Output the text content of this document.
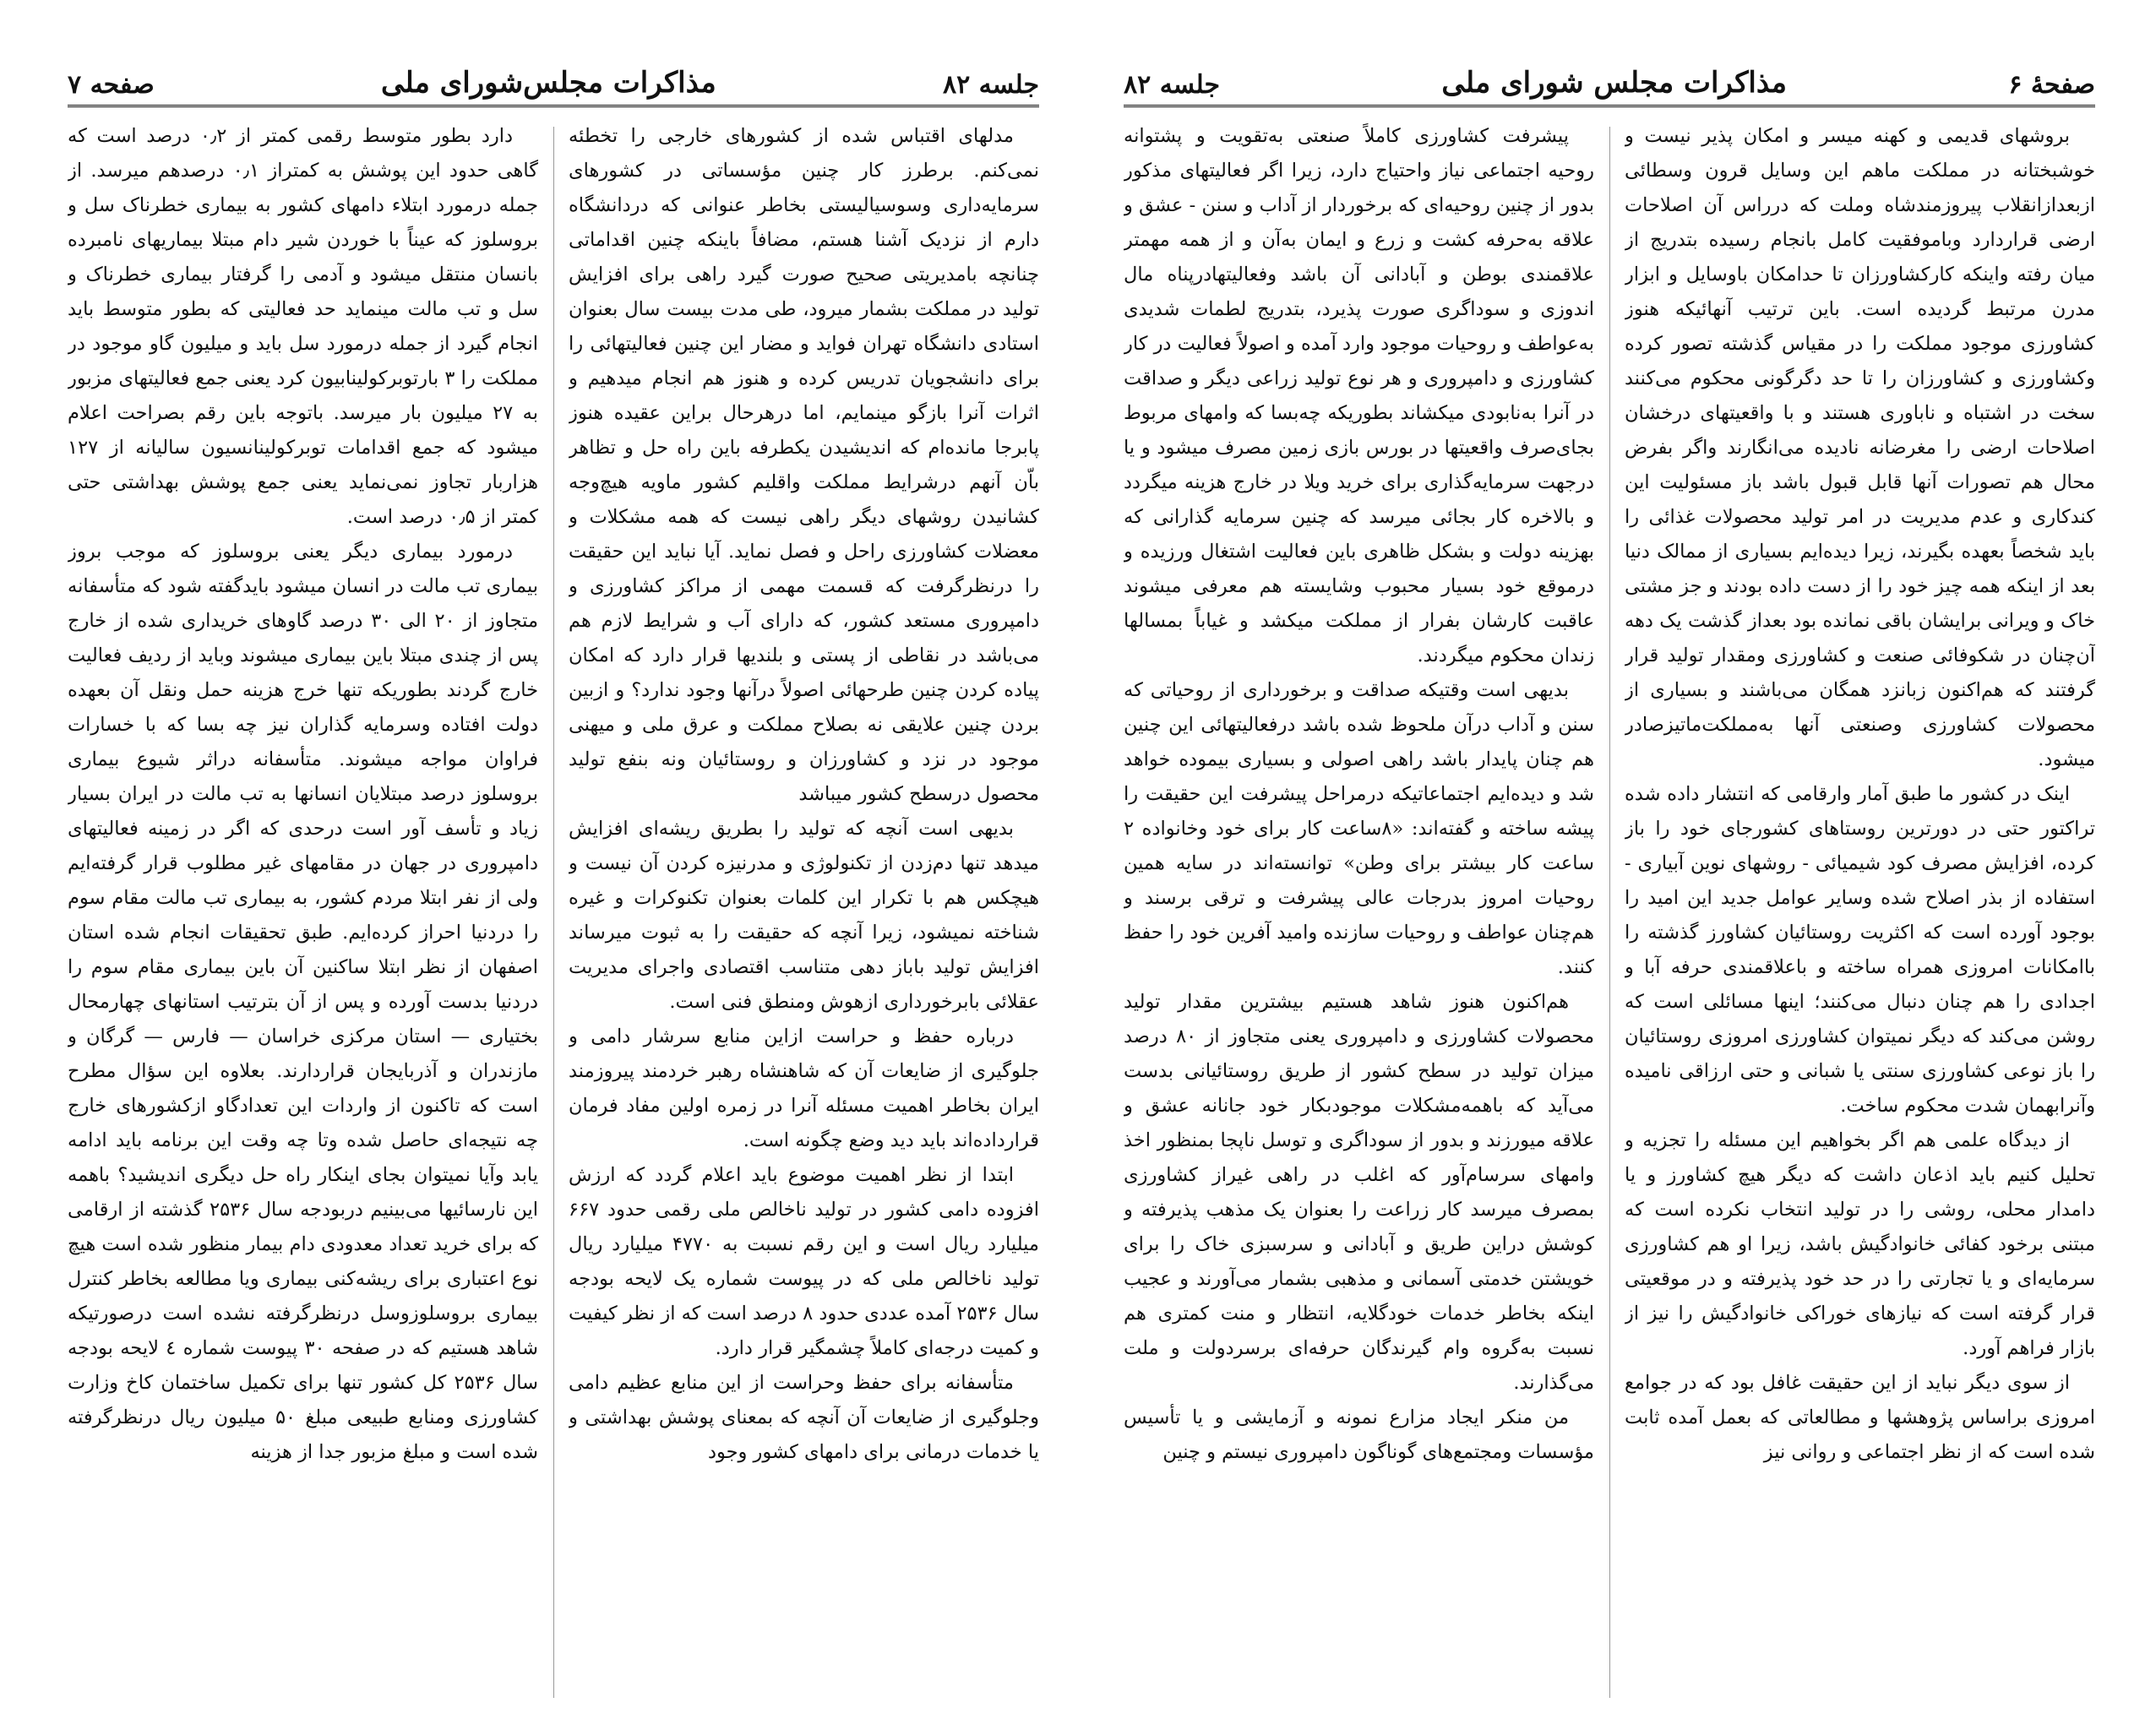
جلسه ۸۲
مذاکرات مجلس‌شورای ملی
صفحه ۷

مدلهای اقتباس شده از کشورهای خارجی را تخطئه نمی‌کنم. برطرز کار چنین مؤسساتی در کشورهای سرمایه‌داری وسوسیالیستی بخاطر عنوانی که دردانشگاه دارم از نزدیک آشنا هستم، مضافاً باینکه چنین اقداماتی چنانچه بامدیریتی صحیح صورت گیرد راهی برای افزایش تولید در مملکت بشمار میرود، طی مدت بیست سال بعنوان استادی دانشگاه تهران فواید و مضار این چنین فعالیتهائی را برای دانشجویان تدریس کرده و هنوز هم انجام میدهیم و اثرات آنرا بازگو مینمایم، اما درهرحال براین عقیده هنوز پابرجا مانده‌ام که اندیشیدن یکطرفه باین راه حل و تظاهر باّن آنهم درشرایط مملکت واقلیم کشور ماویه هیچ‌وجه کشانیدن روشهای دیگر راهی نیست که همه مشکلات و معضلات کشاورزی راحل و فصل نماید. آیا نباید این حقیقت را درنظرگرفت که قسمت مهمی از مراکز کشاورزی و دامپروری مستعد کشور، که دارای آب و شرایط لازم هم می‌باشد در نقاطی از پستی و بلندیها قرار دارد که امکان پیاده کردن چنین طرحهائی اصولاً درآنها وجود ندارد؟ و ازبین بردن چنین علایقی نه بصلاح مملکت و عرق ملی و میهنی موجود در نزد و کشاورزان و روستائیان ونه بنفع تولید محصول درسطح کشور میباشد

بدیهی است آنچه که تولید را بطریق ریشه‌ای افزایش میدهد تنها دم‌زدن از تکنولوژی و مدرنیزه کردن آن نیست و هیچکس هم با تکرار این کلمات بعنوان تکنوکرات و غیره شناخته نمیشود، زیرا آنچه که حقیقت را به ثبوت میرساند افزایش تولید باباز دهی متناسب اقتصادی واجرای مدیریت عقلائی بابرخورداری ازهوش ومنطق فنی است.

درباره حفظ و حراست ازاین منابع سرشار دامی و جلوگیری از ضایعات آن که شاهنشاه رهبر خردمند پیروزمند ایران بخاطر اهمیت مسئله آنرا در زمره اولین مفاد فرمان قرارداده‌اند باید دید وضع چگونه است.

ابتدا از نظر اهمیت موضوع باید اعلام گردد که ارزش افزوده دامی کشور در تولید ناخالص ملی رقمی حدود ۶۶۷ میلیارد ریال است و این رقم نسبت به ۴۷۷۰ میلیارد ریال تولید ناخالص ملی که در پیوست شماره یک لایحه بودجه سال ۲۵۳۶ آمده عددی حدود ۸ درصد است که از نظر کیفیت و کمیت درجه‌ای کاملاً چشمگیر قرار دارد.

متأسفانه برای حفظ وحراست از این منابع عظیم دامی وجلوگیری از ضایعات آن آنچه که بمعنای پوشش بهداشتی و یا خدمات درمانی برای دامهای کشور وجود

دارد بطور متوسط رقمی کمتر از ۰٫۲ درصد است که گاهی حدود این پوشش به کمتراز ۰٫۱ درصدهم میرسد. از جمله درمورد ابتلاء دامهای کشور به بیماری خطرناک سل و بروسلوز که عیناً با خوردن شیر دام مبتلا بیماریهای نامبرده بانسان منتقل میشود و آدمی را گرفتار بیماری خطرناک و سل و تب مالت مینماید حد فعالیتی که بطور متوسط باید انجام گیرد از جمله درمورد سل باید و میلیون گاو موجود در مملکت را ۳ بارتوبرکولینابیون کرد یعنی جمع فعالیتهای مزبور به ۲۷ میلیون بار میرسد. باتوجه باین رقم بصراحت اعلام میشود که جمع اقدامات توبرکولینانسیون سالیانه از ۱۲۷ هزاربار تجاوز نمی‌نماید یعنی جمع پوشش بهداشتی حتی کمتر از ۰٫۵ درصد است.

درمورد بیماری دیگر یعنی بروسلوز که موجب بروز بیماری تب مالت در انسان میشود بایدگفته شود که متأسفانه متجاوز از ۲۰ الی ۳۰ درصد گاوهای خریداری شده از خارج پس از چندی مبتلا باین بیماری میشوند وباید از ردیف فعالیت خارج گردند بطوریکه تنها خرج هزینه حمل ونقل آن بعهده دولت افتاده وسرمایه گذاران نیز چه بسا که با خسارات فراوان مواجه میشوند. متأسفانه دراثر شیوع بیماری بروسلوز درصد مبتلایان انسانها به تب مالت در ایران بسیار زیاد و تأسف آور است درحدی که اگر در زمینه فعالیتهای دامپروری در جهان در مقامهای غیر مطلوب قرار گرفته‌ایم ولی از نفر ابتلا مردم کشور، به بیماری تب مالت مقام سوم را دردنیا احراز کرده‌ایم. طبق تحقیقات انجام شده استان اصفهان از نظر ابتلا ساکنین آن باین بیماری مقام سوم را دردنیا بدست آورده و پس از آن بترتیب استانهای چهارمحال بختیاری — استان مرکزی خراسان — فارس — گرگان و مازندران و آذربایجان قراردارند. بعلاوه این سؤال مطرح است که تاکنون از واردات این تعدادگاو ازکشورهای خارج چه نتیجه‌ای حاصل شده وتا چه وقت این برنامه باید ادامه یابد وآیا نمیتوان بجای اینکار راه حل دیگری اندیشید؟ باهمه این نارسائیها می‌بینیم دربودجه سال ۲۵۳۶ گذشته از ارقامی که برای خرید تعداد معدودی دام بیمار منظور شده است هیچ نوع اعتباری برای ریشه‌کنی بیماری ویا مطالعه بخاطر کنترل بیماری بروسلوزوسل درنظرگرفته نشده است درصورتیکه شاهد هستیم که در صفحه ۳۰ پیوست شماره ٤ لایحه بودجه سال ۲۵۳۶ کل کشور تنها برای تکمیل ساختمان کاخ وزارت کشاورزی ومنابع طبیعی مبلغ ۵۰ میلیون ریال درنظرگرفته شده است و مبلغ مزبور جدا از هزینه

صفحهٔ ۶
مذاکرات مجلس شورای ملی
جلسه ۸۲

بروشهای قدیمی و کهنه میسر و امکان پذیر نیست و خوشبختانه در مملکت ماهم این وسایل قرون وسطائی ازبعدازانقلاب پیروزمندشاه وملت که درراس آن اصلاحات ارضی قراردارد وباموفقیت کامل بانجام رسیده بتدریج از میان رفته واینکه کارکشاورزان تا حدامکان باوسایل و ابزار مدرن مرتبط گردیده است. باین ترتیب آنهائیکه هنوز کشاورزی موجود مملکت را در مقیاس گذشته تصور کرده وکشاورزی و کشاورزان را تا حد دگرگونی محکوم می‌کنند سخت در اشتباه و ناباوری هستند و با واقعیتهای درخشان اصلاحات ارضی را مغرضانه نادیده می‌انگارند واگر بفرض محال هم تصورات آنها قابل قبول باشد باز مسئولیت این کندکاری و عدم مدیریت در امر تولید محصولات غذائی را باید شخصاً بعهده بگیرند، زیرا دیده‌ایم بسیاری از ممالک دنیا بعد از اینکه همه چیز خود را از دست داده بودند و جز مشتی خاک و ویرانی برایشان باقی نمانده بود بعداز گذشت یک دهه آن‌چنان در شکوفائی صنعت و کشاورزی ومقدار تولید قرار گرفتند که هم‌اکنون زبانزد همگان می‌باشند و بسیاری از محصولات کشاورزی وصنعتی آنها به‌مملکت‌ماتیزصادر میشود.

اینک در کشور ما طبق آمار وارقامی که انتشار داده شده تراکتور حتی در دورترین روستاهای کشورجای خود را باز کرده، افزایش مصرف کود شیمیائی - روشهای نوین آبیاری - استفاده از بذر اصلاح شده وسایر عوامل جدید این امید را بوجود آورده است که اکثریت روستائیان کشاورز گذشته را باامکانات امروزی همراه ساخته و باعلاقمندی حرفه آبا و اجدادی را هم چنان دنبال می‌کنند؛ اینها مسائلی است که روشن می‌کند که دیگر نمیتوان کشاورزی امروزی روستائیان را باز نوعی کشاورزی سنتی یا شبانی و حتی ارزاقی نامیده وآنرابهمان شدت محکوم ساخت.

از دیدگاه علمی هم اگر بخواهیم این مسئله را تجزیه و تحلیل کنیم باید اذعان داشت که دیگر هیچ کشاورز و یا دامدار محلی، روشی را در تولید انتخاب نکرده است که مبتنی برخود کفائی خانوادگیش باشد، زیرا او هم کشاورزی سرمایه‌ای و یا تجارتی را در حد خود پذیرفته و در موقعیتی قرار گرفته است که نیازهای خوراکی خانوادگیش را نیز از بازار فراهم آورد.

از سوی دیگر نباید از این حقیقت غافل بود که در جوامع امروزی براساس پژوهشها و مطالعاتی که بعمل آمده ثابت شده است که از نظر اجتماعی و روانی نیز

پیشرفت کشاورزی کاملاً صنعتی به‌تقویت و پشتوانه روحیه اجتماعی نیاز واحتیاج دارد، زیرا اگر فعالیتهای مذکور بدور از چنین روحیه‌ای که برخوردار از آداب و سنن - عشق و علاقه به‌حرفه کشت و زرع و ایمان به‌آن و از همه مهمتر علاقمندی بوطن و آبادانی آن باشد وفعالیتهادرپناه مال اندوزی و سوداگری صورت پذیرد، بتدریج لطمات شدیدی به‌عواطف و روحیات موجود وارد آمده و اصولاً فعالیت در کار کشاورزی و دامپروری و هر نوع تولید زراعی دیگر و صداقت در آنرا به‌نابودی میکشاند بطوریکه چه‌بسا که وامهای مربوط بجای‌صرف واقعیتها در بورس بازی زمین مصرف میشود و یا درجهت سرمایه‌گذاری برای خرید ویلا در خارج هزینه میگردد و بالاخره کار بجائی میرسد که چنین سرمایه گذارانی که بهزینه دولت و بشکل ظاهری باین فعالیت اشتغال ورزیده و درموقع خود بسیار محبوب وشایسته هم معرفی میشوند عاقبت کارشان بفرار از مملکت میکشد و غیاباً بمسالها زندان محکوم میگردند.

بدیهی است وقتیکه صداقت و برخورداری از روحیاتی که سنن و آداب درآن ملحوظ شده باشد درفعالیتهائی این چنین هم چنان پایدار باشد راهی اصولی و بسیاری بیموده خواهد شد و دیده‌ایم اجتماعاتیکه درمراحل پیشرفت این حقیقت را پیشه ساخته و گفته‌اند: «۸ساعت کار برای خود وخانواده ۲ ساعت کار بیشتر برای وطن» توانسته‌اند در سایه همین روحیات امروز بدرجات عالی پیشرفت و ترقی برسند و هم‌چنان عواطف و روحیات سازنده وامید آفرین خود را حفظ کنند.

هم‌اکنون هنوز شاهد هستیم بیشترین مقدار تولید محصولات کشاورزی و دامپروری یعنی متجاوز از ۸۰ درصد میزان تولید در سطح کشور از طریق روستائیانی بدست می‌آید که باهمه‌مشکلات موجودبکار خود جانانه عشق و علاقه میورزند و بدور از سوداگری و توسل ناپجا بمنظور اخذ وامهای سرسام‌آور که اغلب در راهی غیراز کشاورزی بمصرف میرسد کار زراعت را بعنوان یک مذهب پذیرفته و کوشش دراین طریق و آبادانی و سرسبزی خاک را برای خویشتن خدمتی آسمانی و مذهبی بشمار می‌آورند و عجیب اینکه بخاطر خدمات خودگلایه، انتظار و منت کمتری هم نسبت به‌گروه وام گیرندگان حرفه‌ای برسردولت و ملت می‌گذارند.

من منکر ایجاد مزارع نمونه و آزمایشی و یا تأسیس مؤسسات ومجتمع‌های گوناگون دامپروری نیستم و چنین
